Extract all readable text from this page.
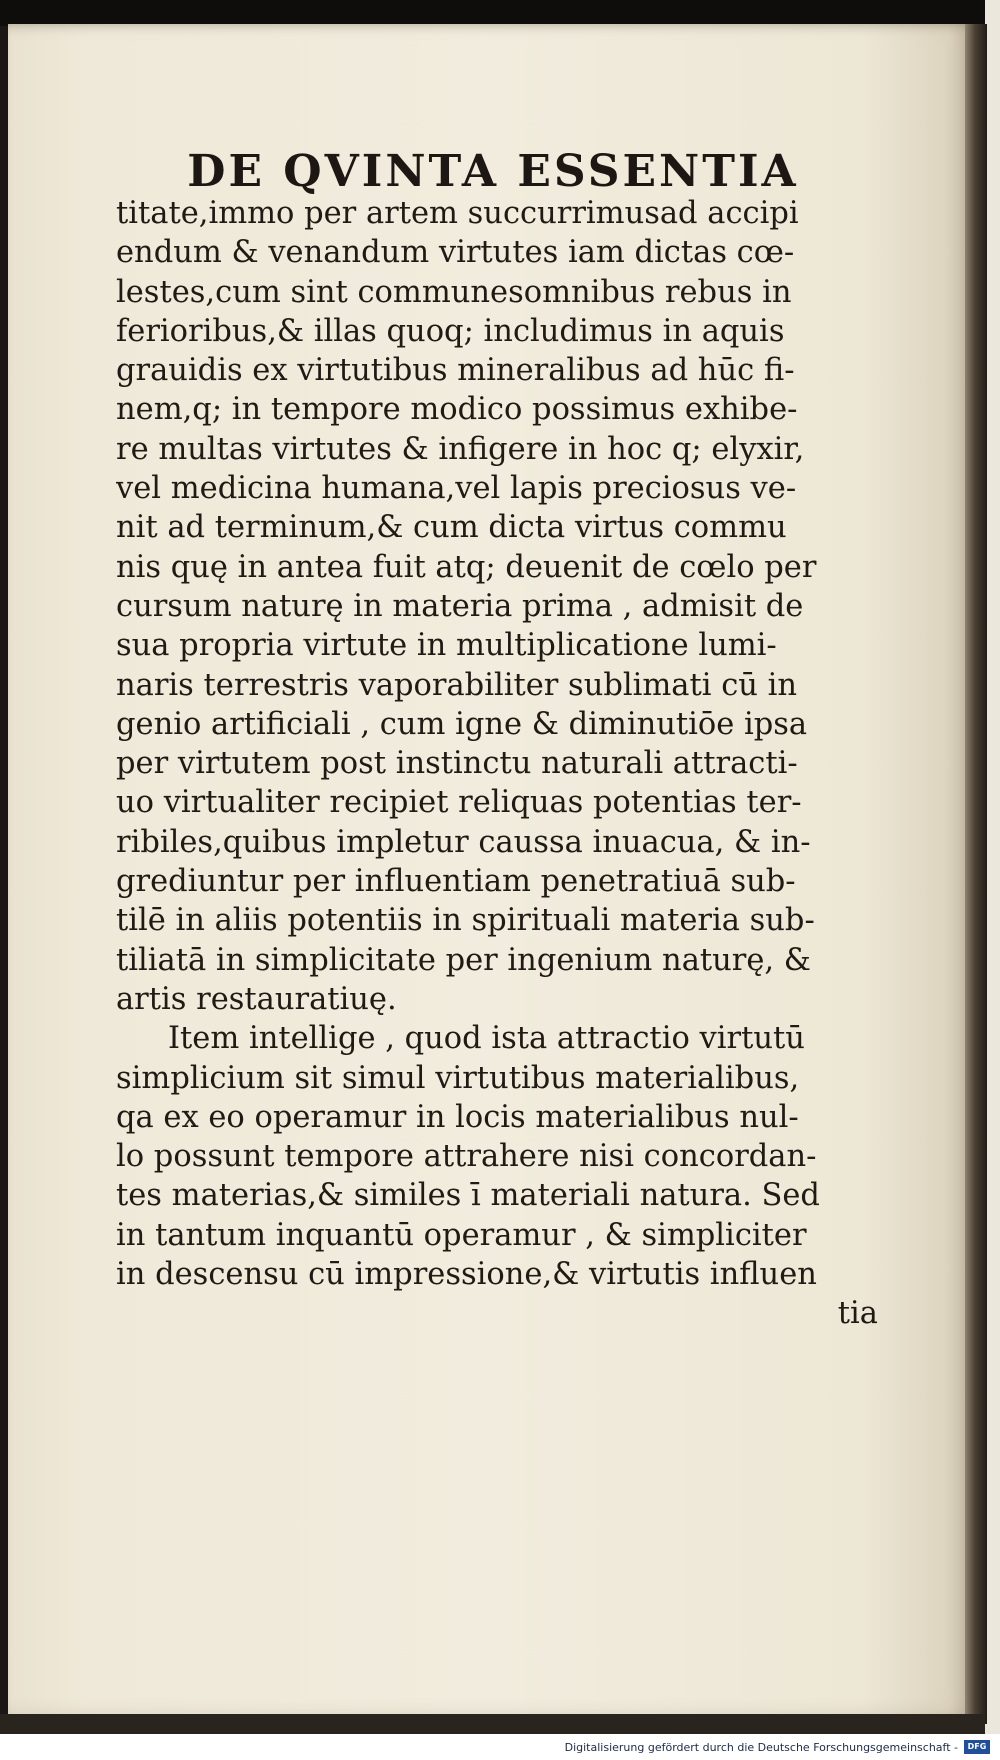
DE QVINTA ESSENTIA
titate,immo per artem succurrimusad accipi
endum & venandum virtutes iam dictas cœ-
lestes,cum sint communesomnibus rebus in
ferioribus,& illas quoq; includimus in aquis
grauidis ex virtutibus mineralibus ad hūc fi-
nem,q; in tempore modico possimus exhibe-
re multas virtutes & infigere in hoc q; elyxir,
vel medicina humana,vel lapis preciosus ve-
nit ad terminum,& cum dicta virtus commu
nis quę in antea fuit atq; deuenit de cœlo per
cursum naturę in materia prima , admisit de
sua propria virtute in multiplicatione lumi-
naris terrestris vaporabiliter sublimati cū in
genio artificiali , cum igne & diminutiōe ipsa
per virtutem post instinctu naturali attracti-
uo virtualiter recipiet reliquas potentias ter-
ribiles,quibus impletur caussa inuacua, & in-
grediuntur per influentiam penetratiuā sub-
tilē in aliis potentiis in spirituali materia sub-
tiliatā in simplicitate per ingenium naturę, &
artis restauratiuę.
Item intellige , quod ista attractio virtutū
simplicium sit simul virtutibus materialibus,
qa ex eo operamur in locis materialibus nul-
lo possunt tempore attrahere nisi concordan-
tes materias,& similes ī materiali natura. Sed
in tantum inquantū operamur , & simpliciter
in descensu cū impressione,& virtutis influen
tia
Digitalisierung gefördert durch die Deutsche Forschungsgemeinschaft -	DFG
